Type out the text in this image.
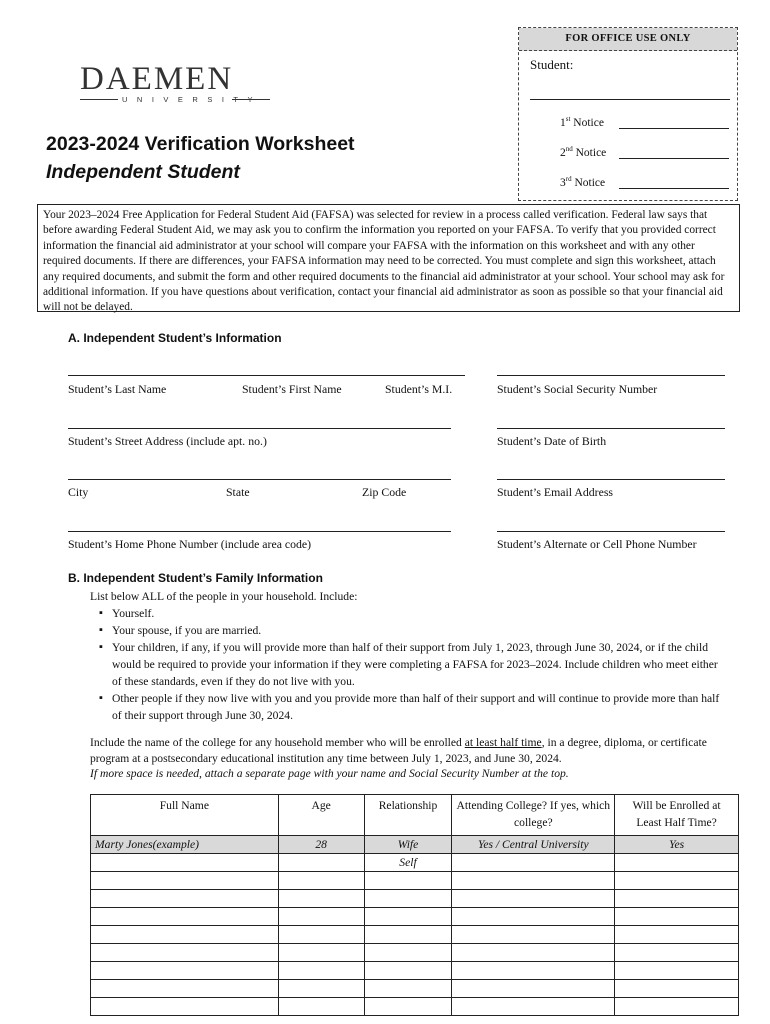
FOR OFFICE USE ONLY
Student:
1st Notice
2nd Notice
3rd Notice
DAEMEN
UNIVERSITY
2023-2024 Verification Worksheet
Independent Student
Your 2023–2024 Free Application for Federal Student Aid (FAFSA) was selected for review in a process called verification. Federal law says that before awarding Federal Student Aid, we may ask you to confirm the information you reported on your FAFSA. To verify that you provided correct information the financial aid administrator at your school will compare your FAFSA with the information on this worksheet and with any other required documents. If there are differences, your FAFSA information may need to be corrected. You must complete and sign this worksheet, attach any required documents, and submit the form and other required documents to the financial aid administrator at your school. Your school may ask for additional information. If you have questions about verification, contact your financial aid administrator as soon as possible so that your financial aid will not be delayed.
A. Independent Student’s Information
Student’s Last Name	Student’s First Name	Student’s M.I.	Student’s Social Security Number
Student’s Street Address (include apt. no.)	Student’s Date of Birth
City	State	Zip Code	Student’s Email Address
Student’s Home Phone Number (include area code)	Student’s Alternate or Cell Phone Number
B. Independent Student’s Family Information

List below ALL of the people in your household. Include:

▪ Yourself.
▪ Your spouse, if you are married.
▪ Your children, if any, if you will provide more than half of their support from July 1, 2023, through June 30, 2024, or if the child would be required to provide your information if they were completing a FAFSA for 2023–2024. Include children who meet either of these standards, even if they do not live with you.
▪ Other people if they now live with you and you provide more than half of their support and will continue to provide more than half of their support through June 30, 2024.
Include the name of the college for any household member who will be enrolled at least half time, in a degree, diploma, or certificate program at a postsecondary educational institution any time between July 1, 2023, and June 30, 2024.
If more space is needed, attach a separate page with your name and Social Security Number at the top.
Full Name	Age	Relationship	Attending College? If yes, which college?	Will be Enrolled at Least Half Time?
Marty Jones(example)	28	Wife	Yes / Central University	Yes
		Self		
